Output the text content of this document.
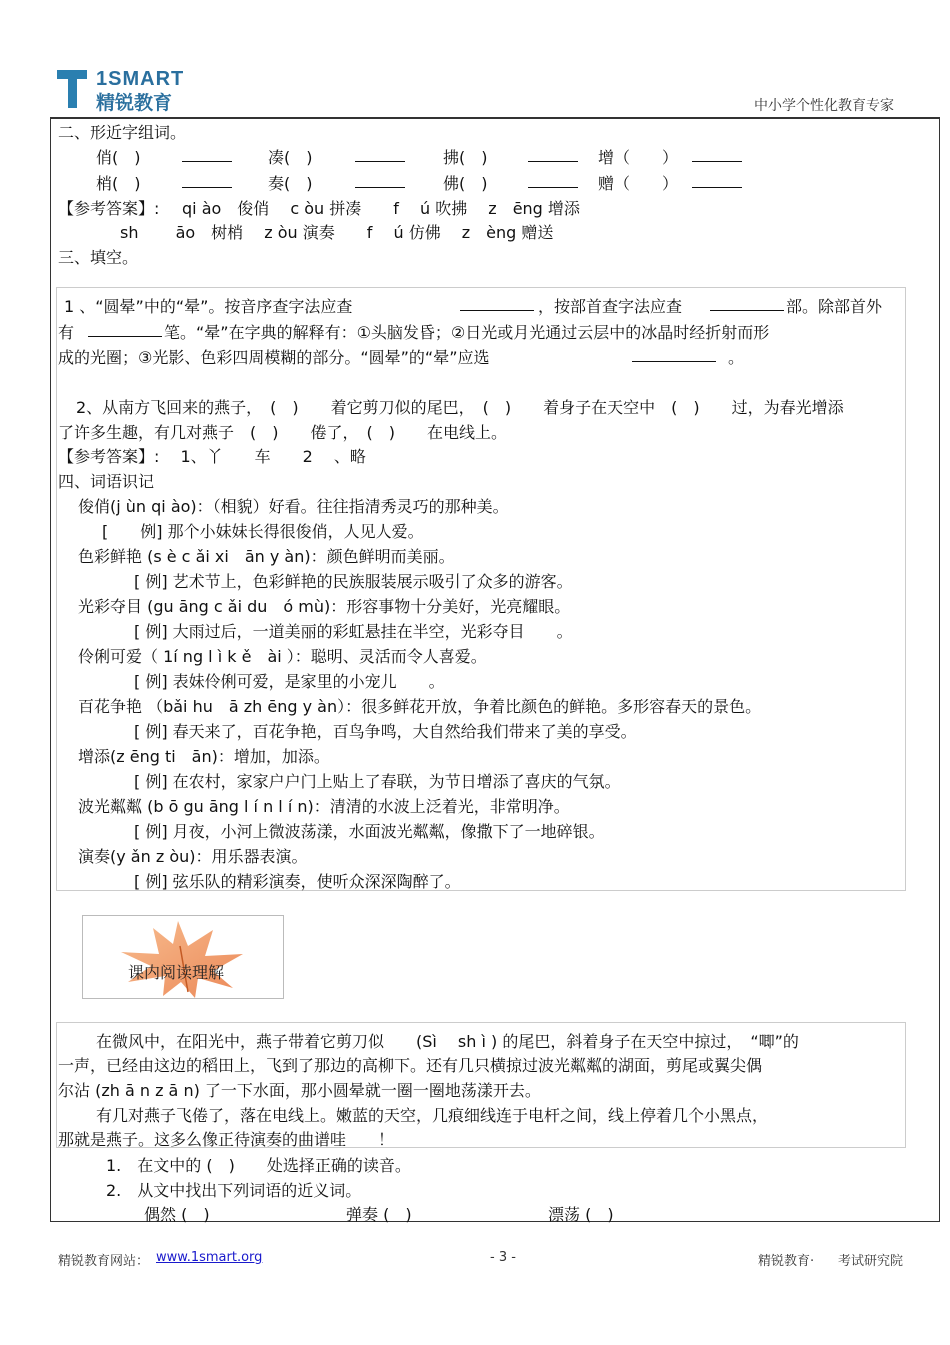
1SMART
精锐教育	中小学个性化教育专家
二、形近字组词。
俏(　)	凑(　)	拂(　)	增（　　）
梢(　)	奏(　)	佛(　)	赠（　　）
【参考答案】: qi ào　俊俏　 c òu 拼凑　　f　 ú 吹拂　 z　ēng 增添
sh　　 āo　树梢　 z òu 演奏　　f　 ú 仿佛　 z　èng 赠送
三、填空。
1 、“圆晕”中的“晕”。按音序查字法应查	，按部首查字法应查	部。除部首外
有	笔。“晕”在字典的解释有：①头脑发昏；②日光或月光通过云层中的冰晶时经折射而形
成的光圈；③光影、色彩四周模糊的部分。“圆晕”的“晕”应选	。
2、从南方飞回来的燕子，　(　)　　着它剪刀似的尾巴，　(　)　　着身子在天空中　(　)　　过，为春光增添
了许多生趣，有几对燕子　(　)　　倦了，　(　)　　在电线上。
【参考答案】:　 1、丫　　车　　2　 、略
四、词语识记
俊俏(j ùn qi ào)：（相貌）好看。往往指清秀灵巧的那种美。
[　　例] 那个小妹妹长得很俊俏，人见人爱。
色彩鲜艳 (s è c ǎi xi　ān y àn)：颜色鲜明而美丽。
[ 例] 艺术节上，色彩鲜艳的民族服装展示吸引了众多的游客。
光彩夺目 (gu āng c ǎi du　ó mù)：形容事物十分美好，光亮耀眼。
[ 例] 大雨过后，一道美丽的彩虹悬挂在半空，光彩夺目　　。
伶俐可爱（ 1í ng l ì k ě　ài ）：聪明、灵活而令人喜爱。
[ 例] 表妹伶俐可爱，是家里的小宠儿　　。
百花争艳 （bǎi hu　ā zh ēng y àn）：很多鲜花开放，争着比颜色的鲜艳。多形容春天的景色。
[ 例] 春天来了，百花争艳，百鸟争鸣，大自然给我们带来了美的享受。
增添(z ēng ti　ān)：增加，加添。
[ 例] 在农村，家家户户门上贴上了春联，为节日增添了喜庆的气氛。
波光粼粼 (b ō gu āng l í n l í n)：清清的水波上泛着光，非常明净。
[ 例] 月夜，小河上微波荡漾，水面波光粼粼，像撒下了一地碎银。
演奏(y ǎn z òu)：用乐器表演。
[ 例] 弦乐队的精彩演奏，使听众深深陶醉了。
课内阅读理解
在微风中，在阳光中，燕子带着它剪刀似　　(Sì　 sh ì ) 的尾巴，斜着身子在天空中掠过，　“唧”的
一声，已经由这边的稻田上，飞到了那边的高柳下。还有几只横掠过波光粼粼的湖面，剪尾或翼尖偶
尔沾 (zh ā n z ā n) 了一下水面，那小圆晕就一圈一圈地荡漾开去。
有几对燕子飞倦了，落在电线上。嫩蓝的天空，几痕细线连于电杆之间，线上停着几个小黑点，
那就是燕子。这多么像正待演奏的曲谱哇　　！
1.　在文中的 (　)　　处选择正确的读音。
2.　从文中找出下列词语的近义词。
偶然 (　)	弹奏 (　)	漂荡 (　)
精锐教育网站： www.1smart.org	- 3 -	精锐教育· 考试研究院
